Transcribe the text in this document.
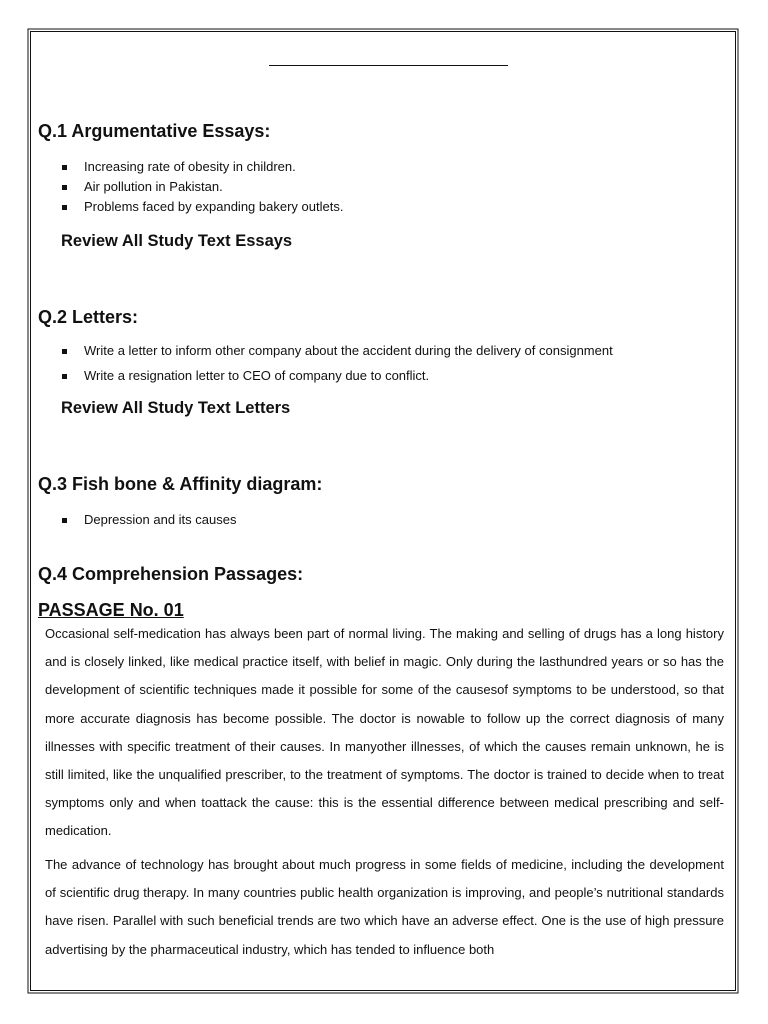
Q.1 Argumentative Essays:
Increasing rate of obesity in children.
Air pollution in Pakistan.
Problems faced by expanding bakery outlets.
Review All Study Text Essays
Q.2 Letters:
Write a letter to inform other company about the accident during the delivery of consignment
Write a resignation letter to CEO of company due to conflict.
Review All Study Text Letters
Q.3 Fish bone & Affinity diagram:
Depression and its causes
Q.4 Comprehension Passages:
PASSAGE No. 01

Occasional self-medication has always been part of normal living. The making and selling of drugs has a long history and is closely linked, like medical practice itself, with belief in magic. Only during the lasthundred years or so has the development of scientific techniques made it possible for some of the causesof symptoms to be understood, so that more accurate diagnosis has become possible. The doctor is nowable to follow up the correct diagnosis of many illnesses with specific treatment of their causes. In manyother illnesses, of which the causes remain unknown, he is still limited, like the unqualified prescriber, to the treatment of symptoms. The doctor is trained to decide when to treat symptoms only and when toattack the cause: this is the essential difference between medical prescribing and self-medication.

The advance of technology has brought about much progress in some fields of medicine, including the development of scientific drug therapy. In many countries public health organization is improving, and people’s nutritional standards have risen. Parallel with such beneficial trends are two which have an adverse effect. One is the use of high pressure advertising by the pharmaceutical industry, which has tended to influence both
